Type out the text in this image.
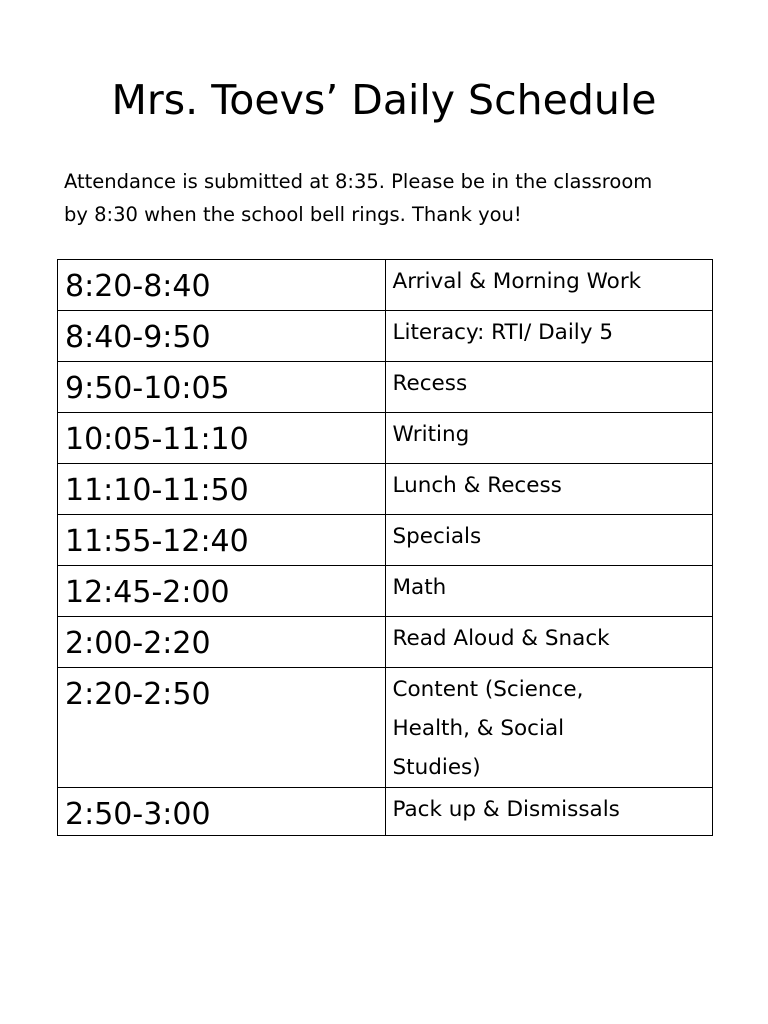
Mrs. Toevs’ Daily Schedule

Attendance is submitted at 8:35. Please be in the classroom
by 8:30 when the school bell rings. Thank you!

8:20-8:40	Arrival & Morning Work
8:40-9:50	Literacy: RTI/ Daily 5
9:50-10:05	Recess
10:05-11:10	Writing
11:10-11:50	Lunch & Recess
11:55-12:40	Specials
12:45-2:00	Math
2:00-2:20	Read Aloud & Snack
2:20-2:50	Content (Science,
Health, & Social
Studies)
2:50-3:00	Pack up & Dismissals
